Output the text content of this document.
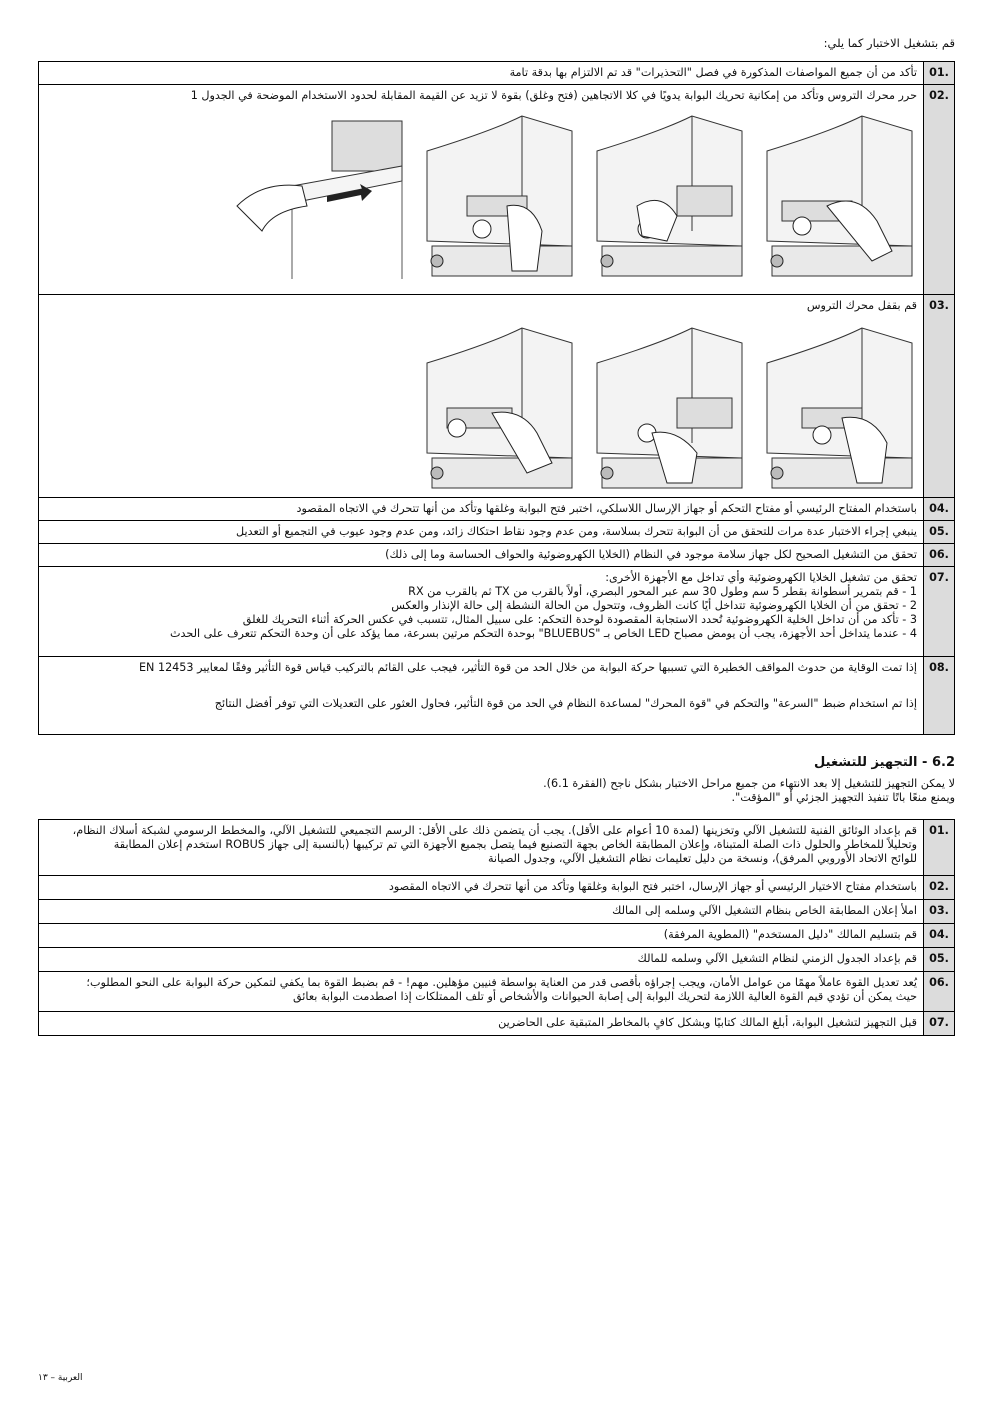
قم بتشغيل الاختبار كما يلي:
.01	تأكد من أن جميع المواصفات المذكورة في فصل "التحذيرات" قد تم الالتزام بها بدقة تامة
.02	حرر محرك التروس وتأكد من إمكانية تحريك البوابة يدويًا في كلا الاتجاهين (فتح وغلق) بقوة لا تزيد عن القيمة المقابلة لحدود الاستخدام الموضحة في الجدول 1

.03	قم بقفل محرك التروس

.04	باستخدام المفتاح الرئيسي أو مفتاح التحكم أو جهاز الإرسال اللاسلكي، اختبر فتح البوابة وغلقها وتأكد من أنها تتحرك في الاتجاه المقصود
.05	ينبغي إجراء الاختبار عدة مرات للتحقق من أن البوابة تتحرك بسلاسة، ومن عدم وجود نقاط احتكاك زائد، ومن عدم وجود عيوب في التجميع أو التعديل
.06	تحقق من التشغيل الصحيح لكل جهاز سلامة موجود في النظام (الخلايا الكهروضوئية والحواف الحساسة وما إلى ذلك)
.07	تحقق من تشغيل الخلايا الكهروضوئية وأي تداخل مع الأجهزة الأخرى:
1 - قم بتمرير أسطوانة بقطر 5 سم وطول 30 سم عبر المحور البصري، أولاً بالقرب من TX ثم بالقرب من RX
2 - تحقق من أن الخلايا الكهروضوئية تتداخل أيًا كانت الظروف، وتتحول من الحالة النشطة إلى حالة الإنذار والعكس
3 - تأكد من أن تداخل الخلية الكهروضوئية تُحدد الاستجابة المقصودة لوحدة التحكم: على سبيل المثال، تتسبب في عكس الحركة أثناء التحريك للغلق
4 - عندما يتداخل أحد الأجهزة، يجب أن يومض مصباح LED الخاص بـ "BLUEBUS" بوحدة التحكم مرتين بسرعة، مما يؤكد على أن وحدة التحكم تتعرف على الحدث

.08	إذا تمت الوقاية من حدوث المواقف الخطيرة التي تسببها حركة البوابة من خلال الحد من قوة التأثير، فيجب على القائم بالتركيب قياس قوة التأثير وفقًا لمعايير EN 12453
إذا تم استخدام ضبط "السرعة" والتحكم في "قوة المحرك" لمساعدة النظام في الحد من قوة التأثير، فحاول العثور على التعديلات التي توفر أفضل النتائج
6.2 - التجهيز للتشغيل
لا يمكن التجهيز للتشغيل إلا بعد الانتهاء من جميع مراحل الاختبار بشكل ناجح (الفقرة 6.1).
ويمنع منعًا باتًا تنفيذ التجهيز الجزئي أو "المؤقت".
.01	قم بإعداد الوثائق الفنية للتشغيل الآلي وتخزينها (لمدة 10 أعوام على الأقل). يجب أن يتضمن ذلك على الأقل: الرسم التجميعي للتشغيل الآلي، والمخطط الرسومي لشبكة أسلاك النظام،
وتحليلاً للمخاطر والحلول ذات الصلة المتبناة، وإعلان المطابقة الخاص بجهة التصنيع فيما يتصل بجميع الأجهزة التي تم تركيبها (بالنسبة إلى جهاز ROBUS استخدم إعلان المطابقة
للوائح الاتحاد الأوروبي المرفق)، ونسخة من دليل تعليمات نظام التشغيل الآلي، وجدول الصيانة

.02	باستخدام مفتاح الاختيار الرئيسي أو جهاز الإرسال، اختبر فتح البوابة وغلقها وتأكد من أنها تتحرك في الاتجاه المقصود
.03	املأ إعلان المطابقة الخاص بنظام التشغيل الآلي وسلمه إلى المالك
.04	قم بتسليم المالك "دليل المستخدم" (المطوية المرفقة)
.05	قم بإعداد الجدول الزمني لنظام التشغيل الآلي وسلمه للمالك
.06	يُعد تعديل القوة عاملاً مهمًا من عوامل الأمان، ويجب إجراؤه بأقصى قدر من العناية بواسطة فنيين مؤهلين. مهم! - قم بضبط القوة بما يكفي لتمكين حركة البوابة على النحو المطلوب؛
حيث يمكن أن تؤدي قيم القوة العالية اللازمة لتحريك البوابة إلى إصابة الحيوانات والأشخاص أو تلف الممتلكات إذا اصطدمت البوابة بعائق

.07	قبل التجهيز لتشغيل البوابة، أبلغ المالك كتابيًا وبشكل كافٍ بالمخاطر المتبقية على الحاضرين
العربية – ١٣
